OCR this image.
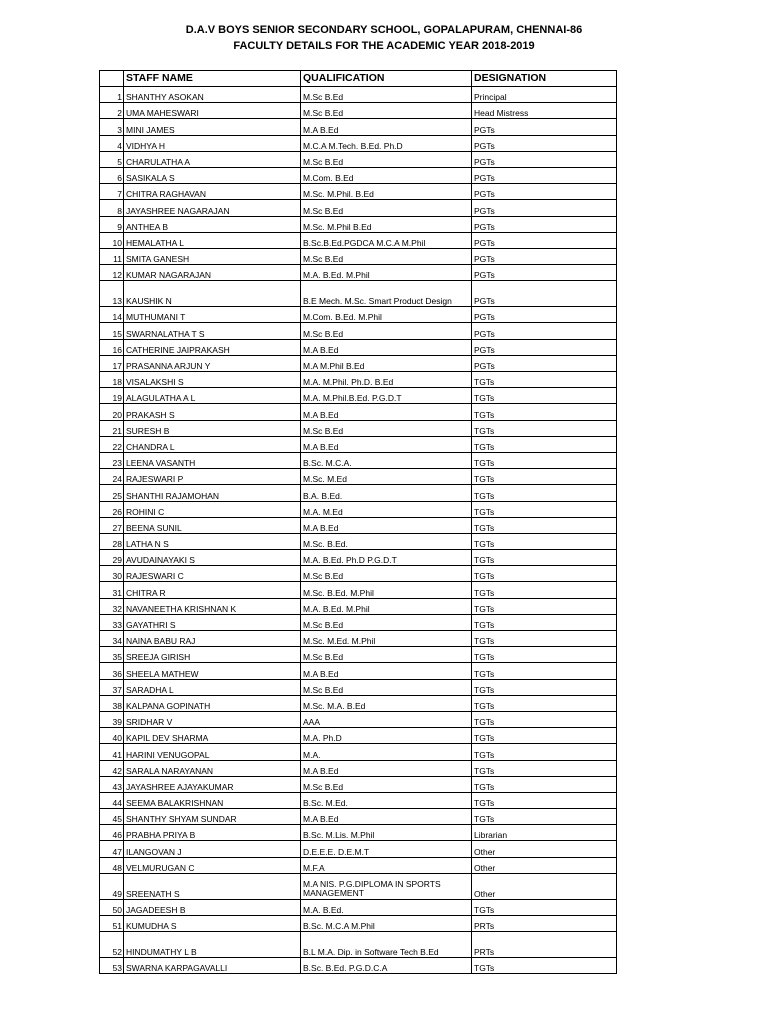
D.A.V BOYS SENIOR SECONDARY SCHOOL, GOPALAPURAM, CHENNAI-86
FACULTY DETAILS FOR THE ACADEMIC YEAR 2018-2019
	STAFF NAME	QUALIFICATION	DESIGNATION
1	SHANTHY ASOKAN	M.Sc B.Ed	Principal
2	UMA MAHESWARI	M.Sc B.Ed	Head Mistress
3	MINI JAMES	M.A B.Ed	PGTs
4	VIDHYA H	M.C.A M.Tech. B.Ed. Ph.D	PGTs
5	CHARULATHA A	M.Sc B.Ed	PGTs
6	SASIKALA S	M.Com. B.Ed	PGTs
7	CHITRA RAGHAVAN	M.Sc. M.Phil. B.Ed	PGTs
8	JAYASHREE NAGARAJAN	M.Sc B.Ed	PGTs
9	ANTHEA B	M.Sc. M.Phil B.Ed	PGTs
10	HEMALATHA L	B.Sc.B.Ed.PGDCA M.C.A M.Phil	PGTs
11	SMITA GANESH	M.Sc B.Ed	PGTs
12	KUMAR NAGARAJAN	M.A. B.Ed. M.Phil	PGTs
13	KAUSHIK N	B.E Mech. M.Sc. Smart Product Design	PGTs
14	MUTHUMANI T	M.Com. B.Ed. M.Phil	PGTs
15	SWARNALATHA T S	M.Sc B.Ed	PGTs
16	CATHERINE JAIPRAKASH	M.A B.Ed	PGTs
17	PRASANNA ARJUN Y	M.A M.Phil B.Ed	PGTs
18	VISALAKSHI S	M.A. M.Phil. Ph.D. B.Ed	TGTs
19	ALAGULATHA A L	M.A. M.Phil.B.Ed. P.G.D.T	TGTs
20	PRAKASH S	M.A B.Ed	TGTs
21	SURESH B	M.Sc B.Ed	TGTs
22	CHANDRA L	M.A B.Ed	TGTs
23	LEENA VASANTH	B.Sc. M.C.A.	TGTs
24	RAJESWARI P	M.Sc. M.Ed	TGTs
25	SHANTHI RAJAMOHAN	B.A. B.Ed.	TGTs
26	ROHINI C	M.A. M.Ed	TGTs
27	BEENA SUNIL	M.A B.Ed	TGTs
28	LATHA N S	M.Sc. B.Ed.	TGTs
29	AVUDAINAYAKI S	M.A. B.Ed. Ph.D P.G.D.T	TGTs
30	RAJESWARI C	M.Sc B.Ed	TGTs
31	CHITRA R	M.Sc. B.Ed. M.Phil	TGTs
32	NAVANEETHA KRISHNAN K	M.A. B.Ed. M.Phil	TGTs
33	GAYATHRI S	M.Sc B.Ed	TGTs
34	NAINA BABU RAJ	M.Sc. M.Ed. M.Phil	TGTs
35	SREEJA GIRISH	M.Sc B.Ed	TGTs
36	SHEELA MATHEW	M.A B.Ed	TGTs
37	SARADHA L	M.Sc B.Ed	TGTs
38	KALPANA GOPINATH	M.Sc. M.A. B.Ed	TGTs
39	SRIDHAR V	AAA	TGTs
40	KAPIL DEV SHARMA	M.A. Ph.D	TGTs
41	HARINI VENUGOPAL	M.A.	TGTs
42	SARALA NARAYANAN	M.A B.Ed	TGTs
43	JAYASHREE AJAYAKUMAR	M.Sc B.Ed	TGTs
44	SEEMA BALAKRISHNAN	B.Sc. M.Ed.	TGTs
45	SHANTHY SHYAM SUNDAR	M.A B.Ed	TGTs
46	PRABHA PRIYA B	B.Sc. M.Lis. M.Phil	Librarian
47	ILANGOVAN J	D.E.E.E. D.E.M.T	Other
48	VELMURUGAN C	M.F.A	Other
49	SREENATH S	M.A NIS. P.G.DIPLOMA IN SPORTS MANAGEMENT	Other
50	JAGADEESH B	M.A. B.Ed.	TGTs
51	KUMUDHA S	B.Sc. M.C.A M.Phil	PRTs
52	HINDUMATHY L B	B.L M.A. Dip. in Software Tech B.Ed	PRTs
53	SWARNA KARPAGAVALLI	B.Sc. B.Ed. P.G.D.C.A	TGTs
